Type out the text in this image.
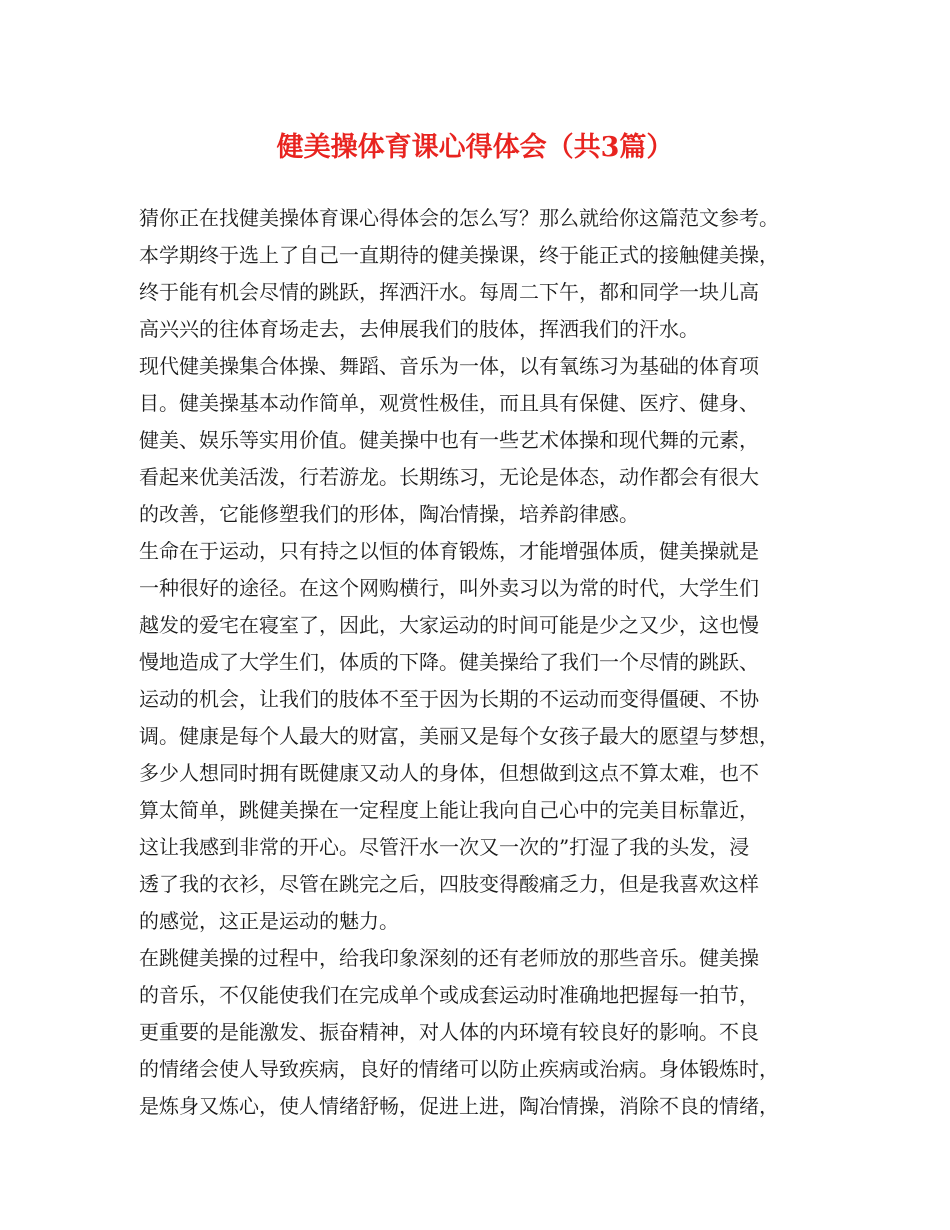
健美操体育课心得体会（共3篇）

猜你正在找健美操体育课心得体会的怎么写？那么就给你这篇范文参考。

本学期终于选上了自己一直期待的健美操课，终于能正式的接触健美操，

终于能有机会尽情的跳跃，挥洒汗水。每周二下午，都和同学一块儿高

高兴兴的往体育场走去，去伸展我们的肢体，挥洒我们的汗水。

现代健美操集合体操、舞蹈、音乐为一体，以有氧练习为基础的体育项

目。健美操基本动作简单，观赏性极佳，而且具有保健、医疗、健身、

健美、娱乐等实用价值。健美操中也有一些艺术体操和现代舞的元素，

看起来优美活泼，行若游龙。长期练习，无论是体态，动作都会有很大

的改善，它能修塑我们的形体，陶冶情操，培养韵律感。

生命在于运动，只有持之以恒的体育锻炼，才能增强体质，健美操就是

一种很好的途径。在这个网购横行，叫外卖习以为常的时代，大学生们

越发的爱宅在寝室了，因此，大家运动的时间可能是少之又少，这也慢

慢地造成了大学生们，体质的下降。健美操给了我们一个尽情的跳跃、

运动的机会，让我们的肢体不至于因为长期的不运动而变得僵硬、不协

调。健康是每个人最大的财富，美丽又是每个女孩子最大的愿望与梦想，

多少人想同时拥有既健康又动人的身体，但想做到这点不算太难，也不

算太简单，跳健美操在一定程度上能让我向自己心中的完美目标靠近，

这让我感到非常的开心。尽管汗水一次又一次的”打湿了我的头发，浸

透了我的衣衫，尽管在跳完之后，四肢变得酸痛乏力，但是我喜欢这样

的感觉，这正是运动的魅力。

在跳健美操的过程中，给我印象深刻的还有老师放的那些音乐。健美操

的音乐，不仅能使我们在完成单个或成套运动时准确地把握每一拍节，

更重要的是能激发、振奋精神，对人体的内环境有较良好的影响。不良

的情绪会使人导致疾病，良好的情绪可以防止疾病或治病。身体锻炼时，

是炼身又炼心，使人情绪舒畅，促进上进，陶冶情操，消除不良的情绪，
